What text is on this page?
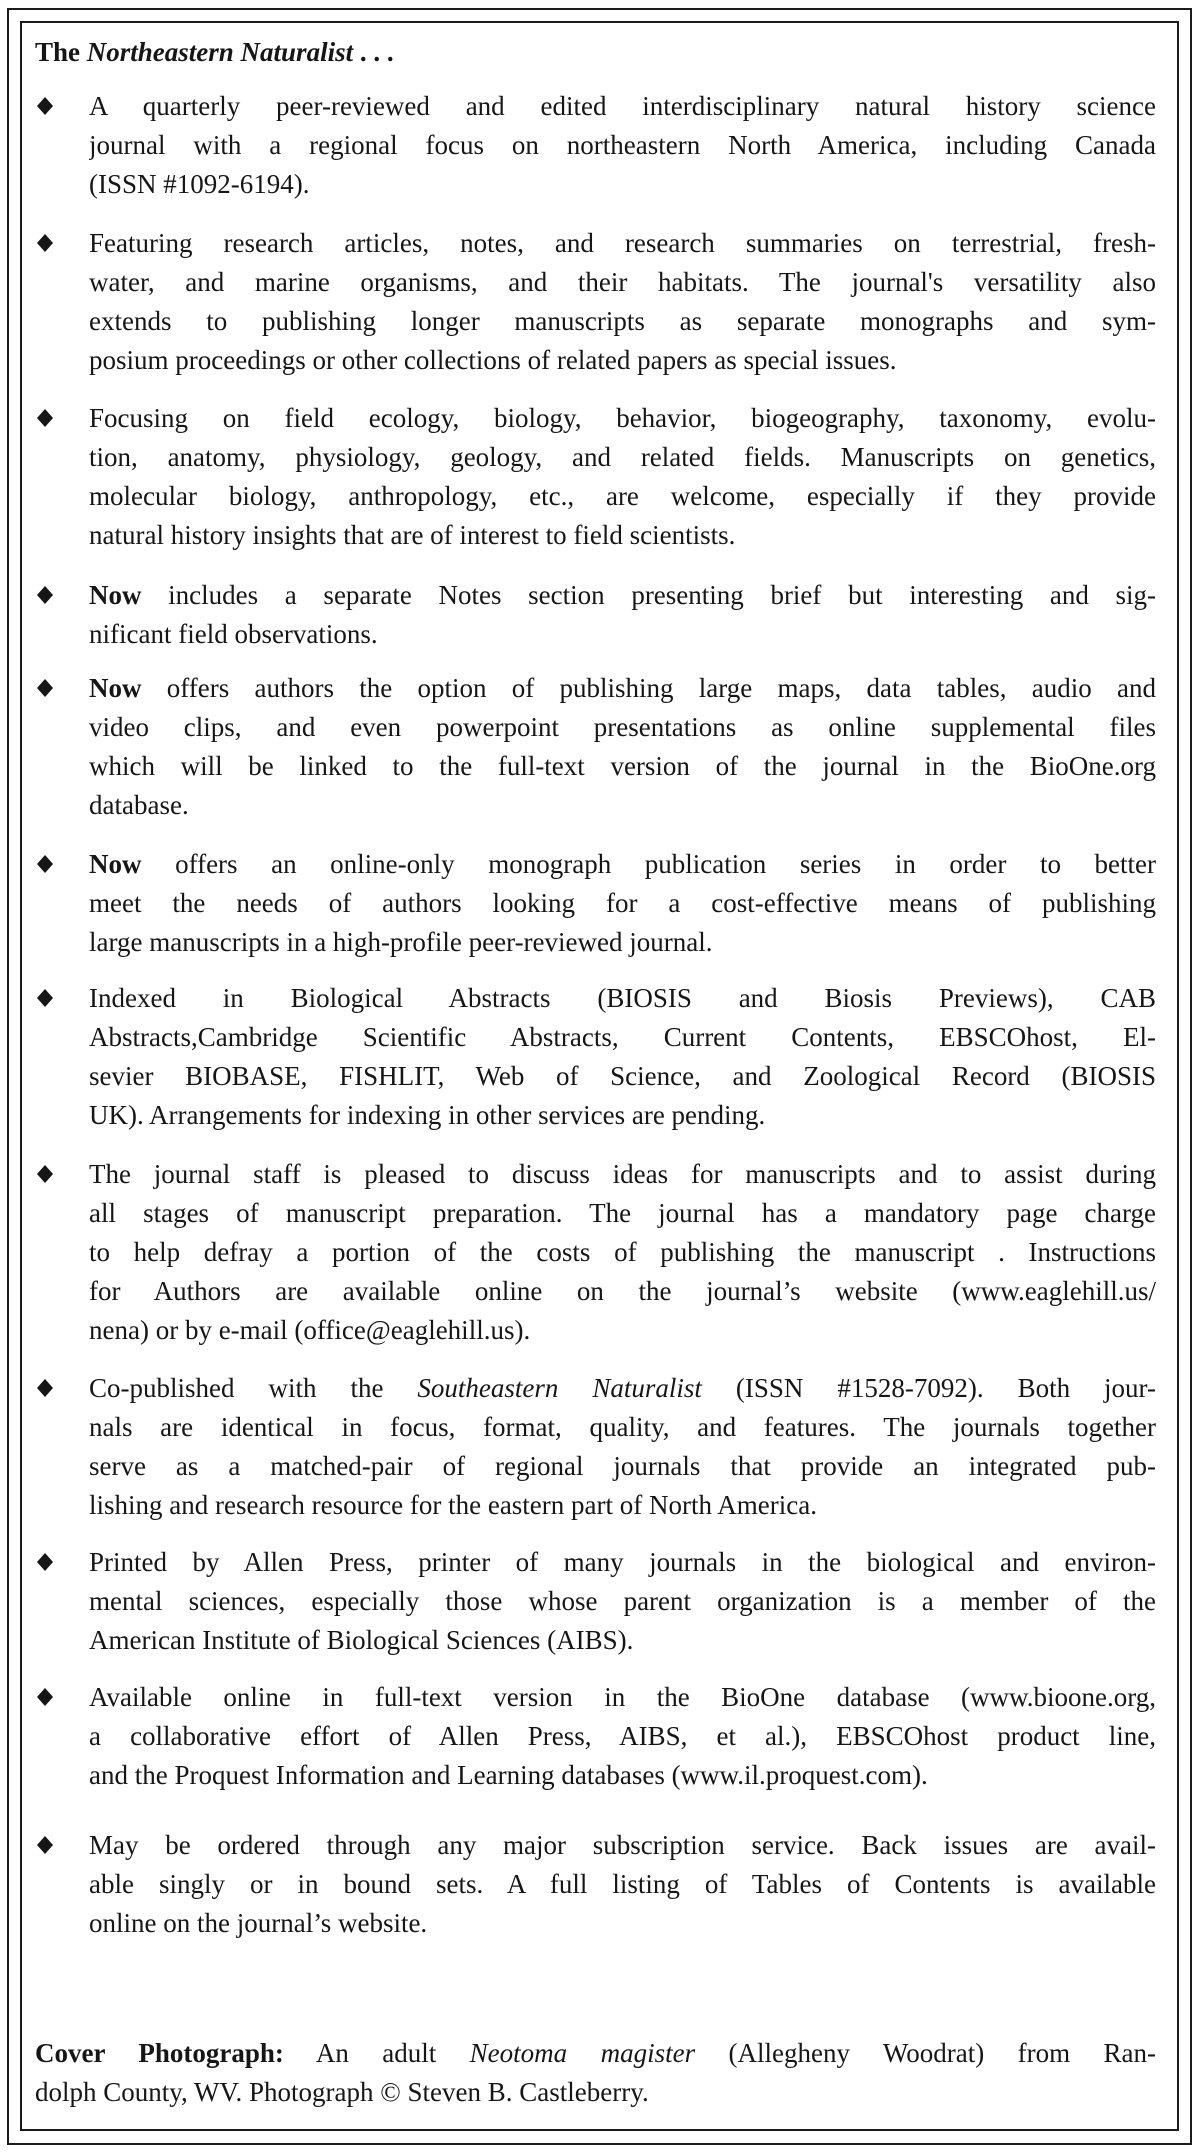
The Northeastern Naturalist . . .
A quarterly peer-reviewed and edited interdisciplinary natural history science
journal with a regional focus on northeastern North America, including Canada
(ISSN #1092-6194).
Featuring research articles, notes, and research summaries on terrestrial, fresh-
water, and marine organisms, and their habitats. The journal's versatility also
extends to publishing longer manuscripts as separate monographs and sym-
posium proceedings or other collections of related papers as special issues.
Focusing on field ecology, biology, behavior, biogeography, taxonomy, evolu-
tion, anatomy, physiology, geology, and related fields. Manuscripts on genetics,
molecular biology, anthropology, etc., are welcome, especially if they provide
natural history insights that are of interest to field scientists.
Now includes a separate Notes section presenting brief but interesting and sig-
nificant field observations.
Now offers authors the option of publishing large maps, data tables, audio and
video clips, and even powerpoint presentations as online supplemental files
which will be linked to the full-text version of the journal in the BioOne.org
database.
Now offers an online-only monograph publication series in order to better
meet the needs of authors looking for a cost-effective means of publishing
large manuscripts in a high-profile peer-reviewed journal.
Indexed in Biological Abstracts (BIOSIS and Biosis Previews), CAB
Abstracts,Cambridge Scientific Abstracts, Current Contents, EBSCOhost, El-
sevier BIOBASE, FISHLIT, Web of Science, and Zoological Record (BIOSIS
UK). Arrangements for indexing in other services are pending.
The journal staff is pleased to discuss ideas for manuscripts and to assist during
all stages of manuscript preparation. The journal has a mandatory page charge
to help defray a portion of the costs of publishing the manuscript . Instructions
for Authors are available online on the journal’s website (www.eaglehill.us/
nena) or by e-mail (office@eaglehill.us).
Co-published with the Southeastern Naturalist (ISSN #1528-7092). Both jour-
nals are identical in focus, format, quality, and features. The journals together
serve as a matched-pair of regional journals that provide an integrated pub-
lishing and research resource for the eastern part of North America.
Printed by Allen Press, printer of many journals in the biological and environ-
mental sciences, especially those whose parent organization is a member of the
American Institute of Biological Sciences (AIBS).
Available online in full-text version in the BioOne database (www.bioone.org,
a collaborative effort of Allen Press, AIBS, et al.), EBSCOhost product line,
and the Proquest Information and Learning databases (www.il.proquest.com).
May be ordered through any major subscription service. Back issues are avail-
able singly or in bound sets. A full listing of Tables of Contents is available
online on the journal’s website.
Cover Photograph: An adult Neotoma magister (Allegheny Woodrat) from Ran-
dolph County, WV. Photograph © Steven B. Castleberry.
